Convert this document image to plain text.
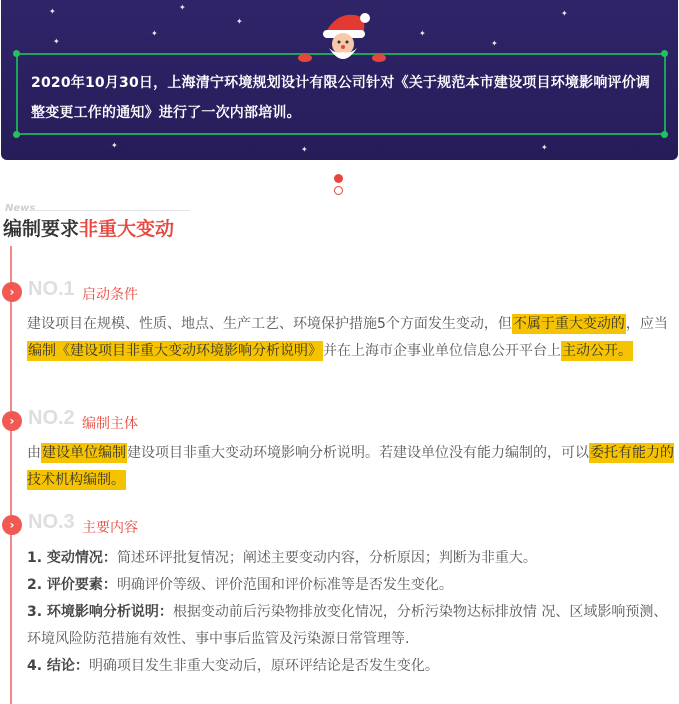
✦	✦
✦
✦
✦
✦
✦
✦
✦	✦	✦
2020年10月30日，上海清宁环境规划设计有限公司针对《关于规范本市建设项目环境影响评价调整变更工作的通知》进行了一次内部培训。
News
编制要求非重大变动
› NO.1 启动条件
建设项目在规模、性质、地点、生产工艺、环境保护措施5个方面发生变动，但不属于重大变动的，应当编制《建设项目非重大变动环境影响分析说明》并在上海市企事业单位信息公开平台上主动公开。
› NO.2 编制主体
由建设单位编制建设项目非重大变动环境影响分析说明。若建设单位没有能力编制的，可以委托有能力的技术机构编制。
› NO.3 主要内容
1. 变动情况：简述环评批复情况；阐述主要变动内容，分析原因；判断为非重大。
2. 评价要素：明确评价等级、评价范围和评价标准等是否发生变化。
3. 环境影响分析说明：根据变动前后污染物排放变化情况，分析污染物达标排放情 况、区域影响预测、环境风险防范措施有效性、事中事后监管及污染源日常管理等.
4. 结论：明确项目发生非重大变动后，原环评结论是否发生变化。
